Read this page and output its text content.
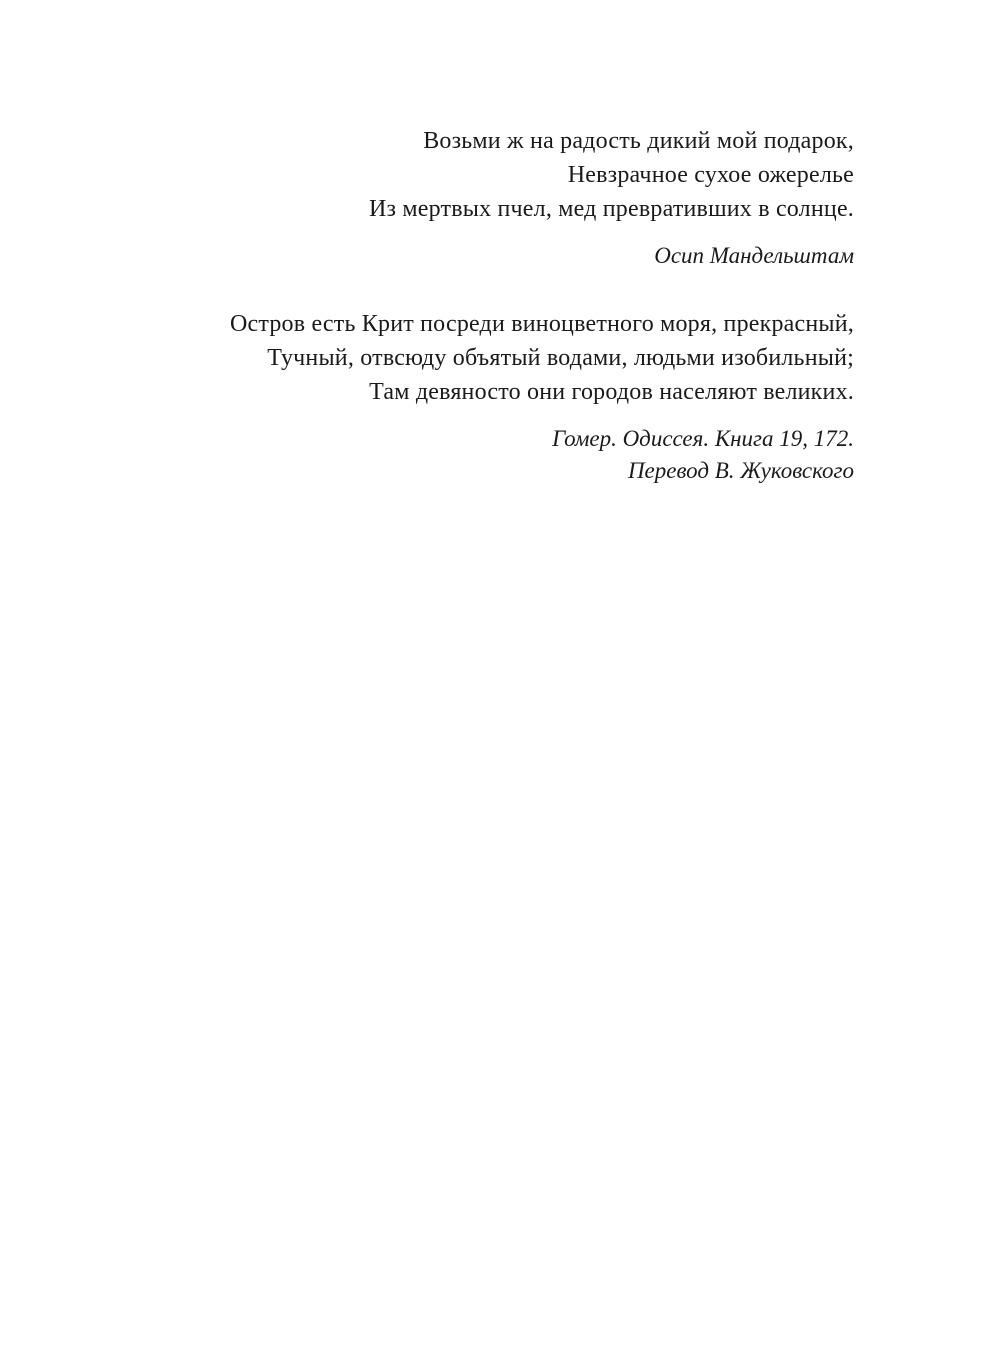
Возьми ж на радость дикий мой подарок,
Невзрачное сухое ожерелье
Из мертвых пчел, мед превративших в солнце.
Осип Мандельштам
Остров есть Крит посреди виноцветного моря, прекрасный,
Тучный, отвсюду объятый водами, людьми изобильный;
Там девяносто они городов населяют великих.
Гомер. Одиссея. Книга 19, 172.
Перевод В. Жуковского
